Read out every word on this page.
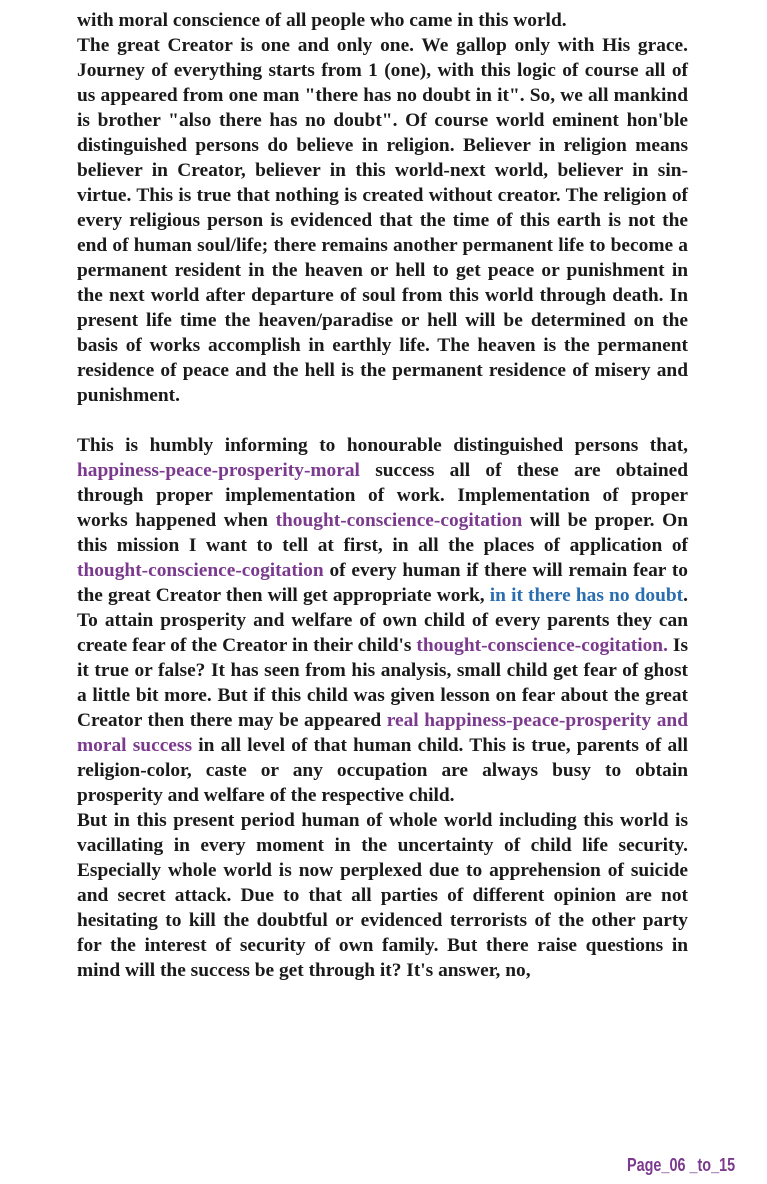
with moral conscience of all people who came in this world.

The great Creator is one and only one. We gallop only with His grace. Journey of everything starts from 1 (one), with this logic of course all of us appeared from one man "there has no doubt in it". So, we all mankind is brother "also there has no doubt". Of course world eminent hon'ble distinguished persons do believe in religion. Believer in religion means believer in Creator, believer in this world-next world, believer in sin-virtue. This is true that nothing is created without creator. The religion of every religious person is evidenced that the time of this earth is not the end of human soul/life; there remains another permanent life to become a permanent resident in the heaven or hell to get peace or punishment in the next world after departure of soul from this world through death. In present life time the heaven/paradise or hell will be determined on the basis of works accomplish in earthly life. The heaven is the permanent residence of peace and the hell is the permanent residence of misery and punishment.

This is humbly informing to honourable distinguished persons that, happiness-peace-prosperity-moral success all of these are obtained through proper implementation of work. Implementation of proper works happened when thought-conscience-cogitation will be proper. On this mission I want to tell at first, in all the places of application of thought-conscience-cogitation of every human if there will remain fear to the great Creator then will get appropriate work, in it there has no doubt. To attain prosperity and welfare of own child of every parents they can create fear of the Creator in their child's thought-conscience-cogitation. Is it true or false? It has seen from his analysis, small child get fear of ghost a little bit more. But if this child was given lesson on fear about the great Creator then there may be appeared real happiness-peace-prosperity and moral success in all level of that human child. This is true, parents of all religion-color, caste or any occupation are always busy to obtain prosperity and welfare of the respective child.

But in this present period human of whole world including this world is vacillating in every moment in the uncertainty of child life security. Especially whole world is now perplexed due to apprehension of suicide and secret attack. Due to that all parties of different opinion are not hesitating to kill the doubtful or evidenced terrorists of the other party for the interest of security of own family. But there raise questions in mind will the success be get through it? It's answer, no,

Page_06 _to_15
